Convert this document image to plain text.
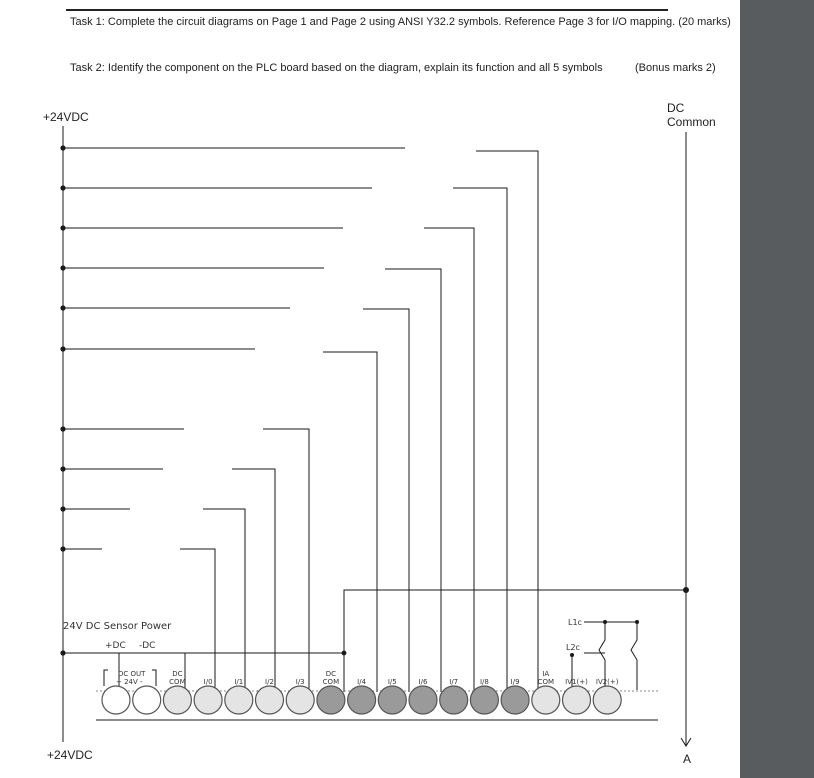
Task 1: Complete the circuit diagrams on Page 1 and Page 2 using ANSI Y32.2 symbols. Reference Page 3 for I/O mapping. (20 marks)
Task 2: Identify the component on the PLC board based on the diagram, explain its function and all 5 symbols	(Bonus marks 2)
+24VDC
DC
Common
+24VDC	A
24V DC Sensor Power
+DC -DC
DC OUT
+ 24V -
L1c
L2c
DC
COM	I/0	I/1	I/2	I/3
DC
COM	I/4	I/5	I/6	I/7	I/8	I/9
IA
COM IV1(+) IV2(+)
